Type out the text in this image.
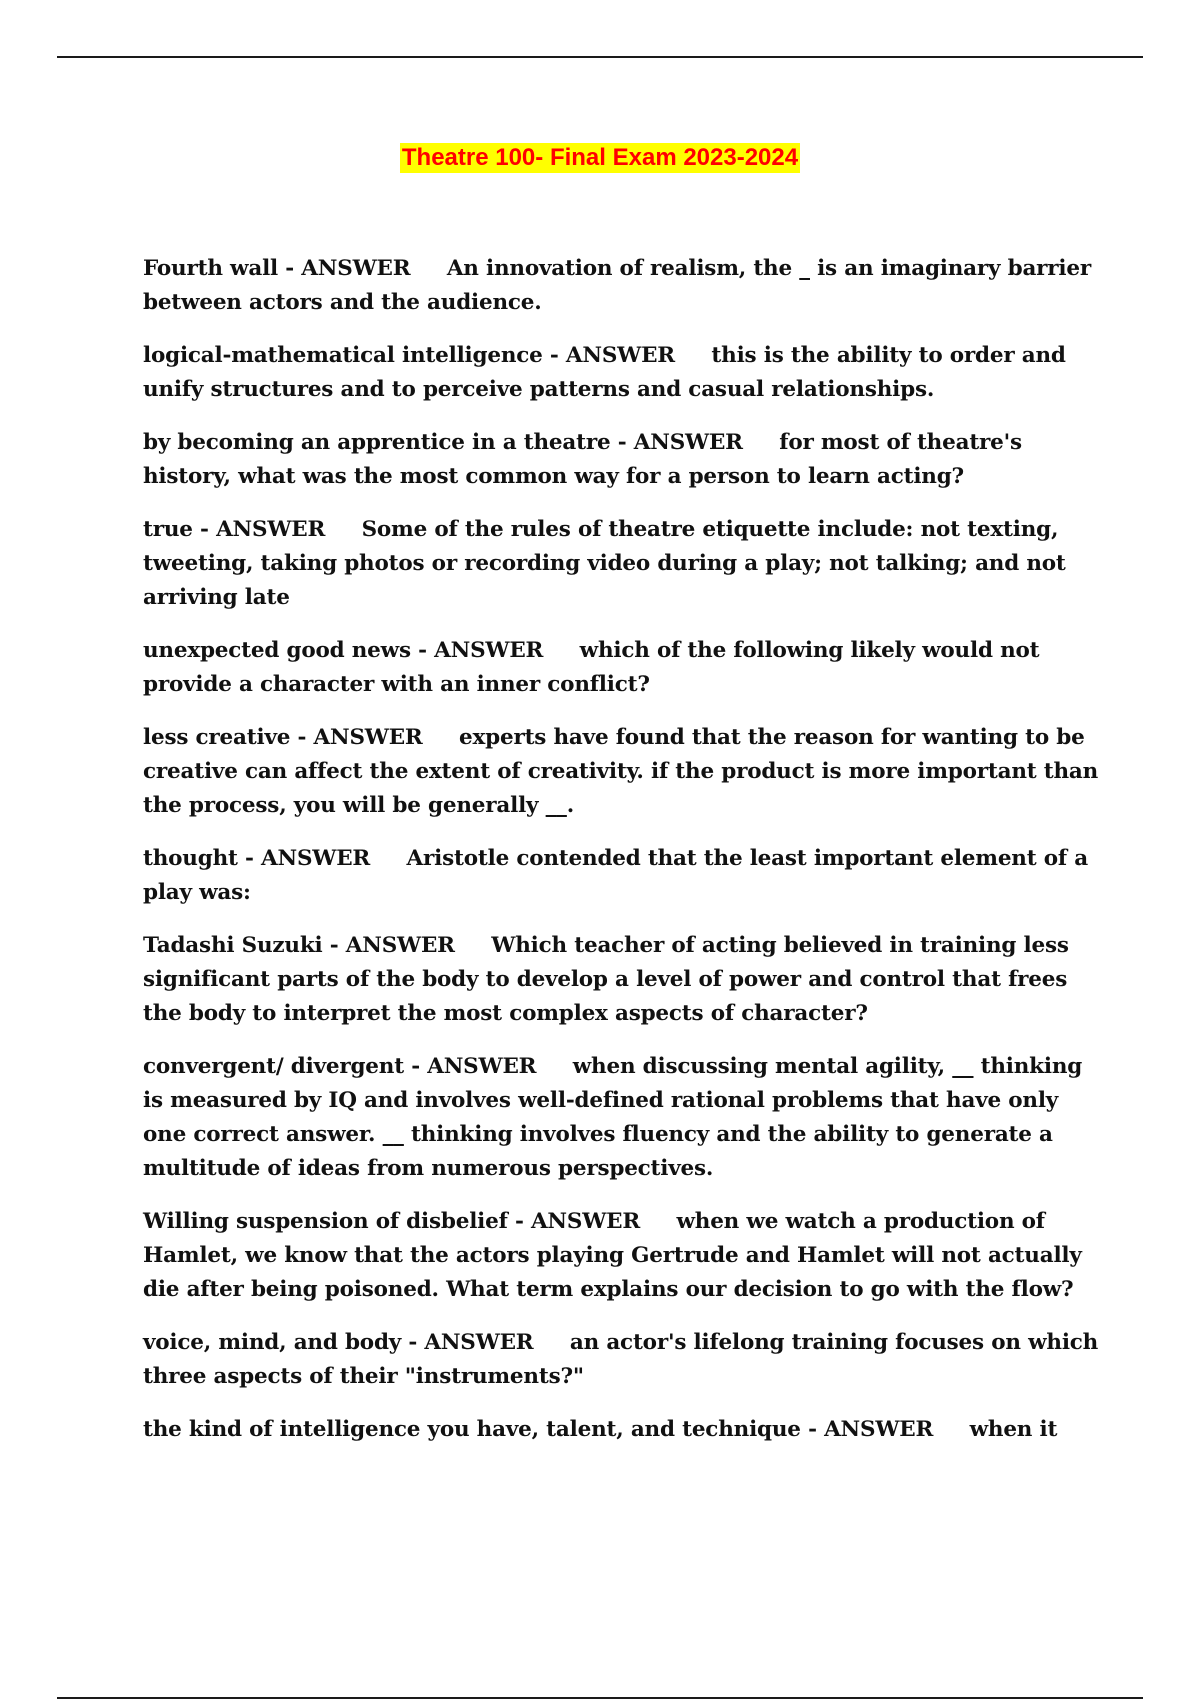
Theatre 100- Final Exam 2023-2024
Fourth wall - ANSWER An innovation of realism, the _ is an imaginary barrier between actors and the audience.
logical-mathematical intelligence - ANSWER this is the ability to order and unify structures and to perceive patterns and casual relationships.
by becoming an apprentice in a theatre - ANSWER for most of theatre's history, what was the most common way for a person to learn acting?
true - ANSWER Some of the rules of theatre etiquette include: not texting, tweeting, taking photos or recording video during a play; not talking; and not arriving late
unexpected good news - ANSWER which of the following likely would not provide a character with an inner conflict?
less creative - ANSWER experts have found that the reason for wanting to be creative can affect the extent of creativity. if the product is more important than the process, you will be generally __.
thought - ANSWER Aristotle contended that the least important element of a play was:
Tadashi Suzuki - ANSWER Which teacher of acting believed in training less significant parts of the body to develop a level of power and control that frees the body to interpret the most complex aspects of character?
convergent/ divergent - ANSWER when discussing mental agility, __ thinking is measured by IQ and involves well-defined rational problems that have only one correct answer. __ thinking involves fluency and the ability to generate a multitude of ideas from numerous perspectives.
Willing suspension of disbelief - ANSWER when we watch a production of Hamlet, we know that the actors playing Gertrude and Hamlet will not actually die after being poisoned. What term explains our decision to go with the flow?
voice, mind, and body - ANSWER an actor's lifelong training focuses on which three aspects of their "instruments?"
the kind of intelligence you have, talent, and technique - ANSWER when it
